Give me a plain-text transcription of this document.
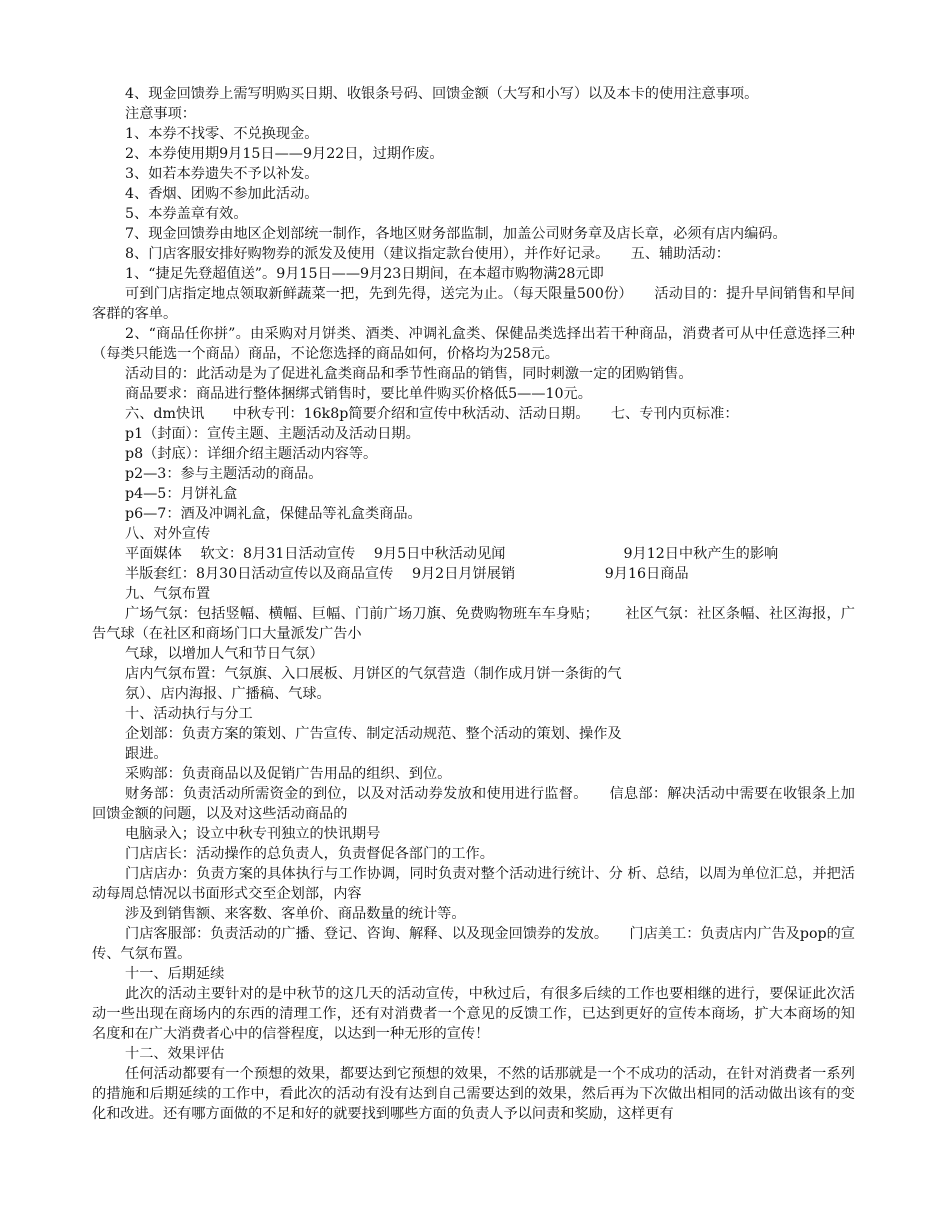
4、现金回馈券上需写明购买日期、收银条号码、回馈金额（大写和小写）以及本卡的使用注意事项。

注意事项：

1、本券不找零、不兑换现金。

2、本券使用期9月15日——9月22日，过期作废。

3、如若本券遗失不予以补发。

4、香烟、团购不参加此活动。

5、本券盖章有效。

7、现金回馈券由地区企划部统一制作，各地区财务部监制，加盖公司财务章及店长章，必须有店内编码。

8、门店客服安排好购物券的派发及使用（建议指定款台使用），并作好记录。　　五、辅助活动：

1、“捷足先登超值送”。9月15日——9月23日期间，在本超市购物满28元即

可到门店指定地点领取新鲜蔬菜一把，先到先得，送完为止。（每天限量500份）　　活动目的：提升早间销售和早间客群的客单。

2、“商品任你拼”。由采购对月饼类、酒类、冲调礼盒类、保健品类选择出若干种商品，消费者可从中任意选择三种（每类只能选一个商品）商品，不论您选择的商品如何，价格均为258元。

活动目的：此活动是为了促进礼盒类商品和季节性商品的销售，同时刺激一定的团购销售。

商品要求：商品进行整体捆绑式销售时，要比单件购买价格低5——10元。

六、dm快讯　　中秋专刊：16k8p简要介绍和宣传中秋活动、活动日期。　　七、专刊内页标准：

p1（封面）：宣传主题、主题活动及活动日期。

p8（封底）：详细介绍主题活动内容等。

p2—3：参与主题活动的商品。

p4—5：月饼礼盒

p6—7：酒及冲调礼盒，保健品等礼盒类商品。

八、对外宣传

平面媒体　 软文：8月31日活动宣传　 9月5日中秋活动见闻　　　　　　　　 9月12日中秋产生的影响

半版套红：8月30日活动宣传以及商品宣传　 9月2日月饼展销　　　　　　 9月16日商品

九、气氛布置

广场气氛：包括竖幅、横幅、巨幅、门前广场刀旗、免费购物班车车身贴；　　 社区气氛：社区条幅、社区海报，广告气球（在社区和商场门口大量派发广告小

气球，以增加人气和节日气氛）

店内气氛布置：气氛旗、入口展板、月饼区的气氛营造（制作成月饼一条街的气

氛）、店内海报、广播稿、气球。

十、活动执行与分工

企划部：负责方案的策划、广告宣传、制定活动规范、整个活动的策划、操作及

跟进。

采购部：负责商品以及促销广告用品的组织、到位。

财务部：负责活动所需资金的到位，以及对活动券发放和使用进行监督。　　信息部：解决活动中需要在收银条上加回馈金额的问题，以及对这些活动商品的

电脑录入；设立中秋专刊独立的快讯期号

门店店长：活动操作的总负责人，负责督促各部门的工作。

门店店办：负责方案的具体执行与工作协调，同时负责对整个活动进行统计、分 析、总结，以周为单位汇总，并把活动每周总情况以书面形式交至企划部，内容

涉及到销售额、来客数、客单价、商品数量的统计等。

门店客服部：负责活动的广播、登记、咨询、解释、以及现金回馈券的发放。　　门店美工：负责店内广告及pop的宣传、气氛布置。

十一、后期延续

此次的活动主要针对的是中秋节的这几天的活动宣传，中秋过后，有很多后续的工作也要相继的进行，要保证此次活动一些出现在商场内的东西的清理工作，还有对消费者一个意见的反馈工作，已达到更好的宣传本商场，扩大本商场的知名度和在广大消费者心中的信誉程度，以达到一种无形的宣传！

十二、效果评估

任何活动都要有一个预想的效果，都要达到它预想的效果，不然的话那就是一个不成功的活动，在针对消费者一系列的措施和后期延续的工作中，看此次的活动有没有达到自己需要达到的效果，然后再为下次做出相同的活动做出该有的变化和改进。还有哪方面做的不足和好的就要找到哪些方面的负责人予以问责和奖励，这样更有
